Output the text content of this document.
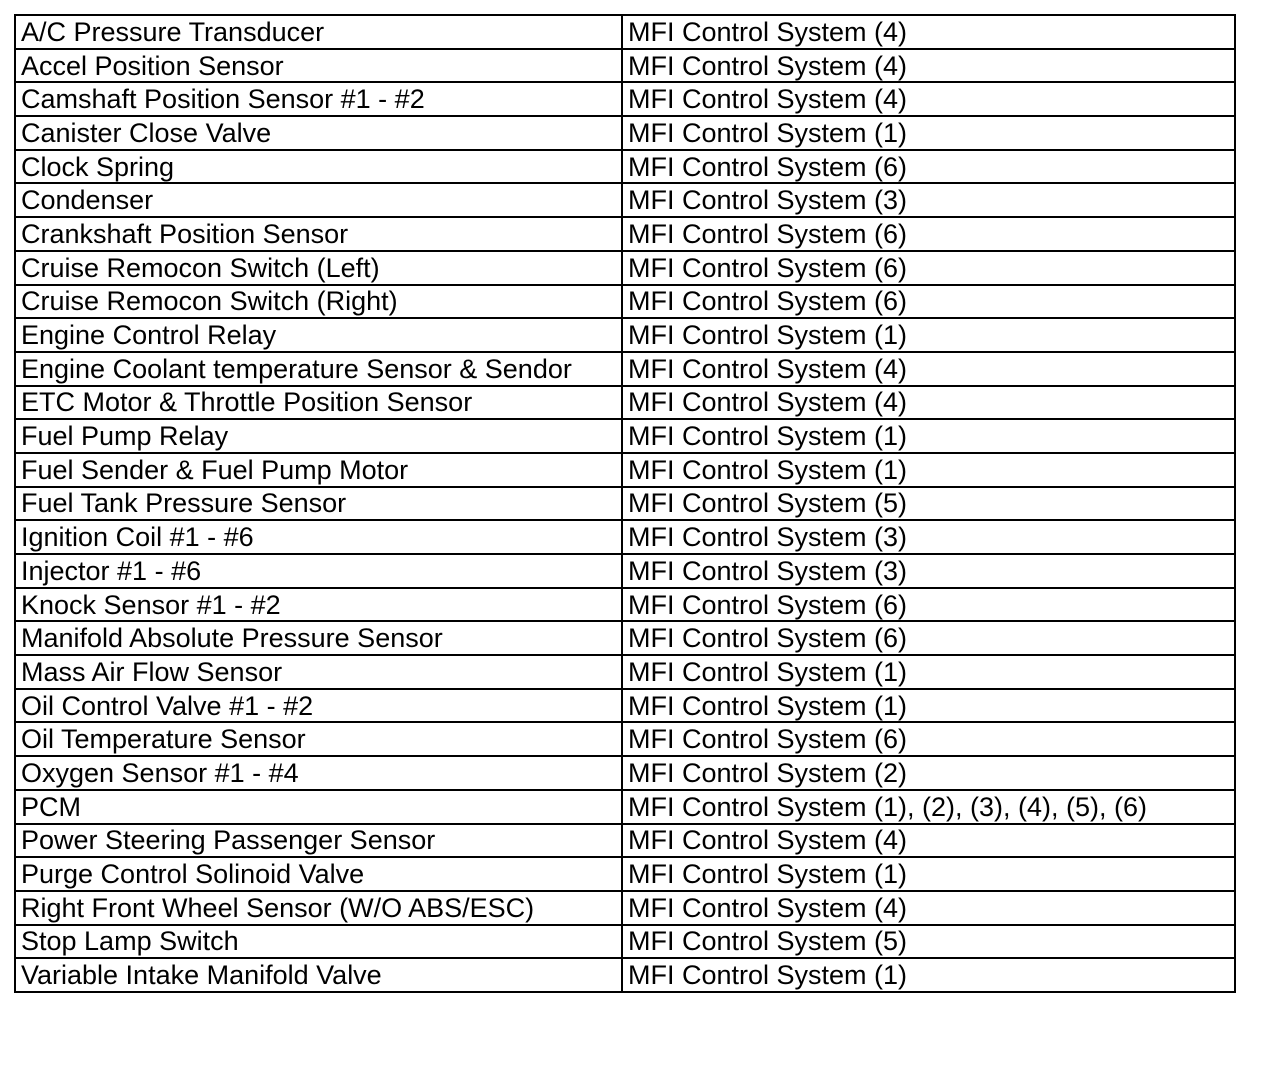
A/C Pressure Transducer	MFI Control System (4)
Accel Position Sensor	MFI Control System (4)
Camshaft Position Sensor #1 - #2	MFI Control System (4)
Canister Close Valve	MFI Control System (1)
Clock Spring	MFI Control System (6)
Condenser	MFI Control System (3)
Crankshaft Position Sensor	MFI Control System (6)
Cruise Remocon Switch (Left)	MFI Control System (6)
Cruise Remocon Switch (Right)	MFI Control System (6)
Engine Control Relay	MFI Control System (1)
Engine Coolant temperature Sensor & Sendor	MFI Control System (4)
ETC Motor & Throttle Position Sensor	MFI Control System (4)
Fuel Pump Relay	MFI Control System (1)
Fuel Sender & Fuel Pump Motor	MFI Control System (1)
Fuel Tank Pressure Sensor	MFI Control System (5)
Ignition Coil #1 - #6	MFI Control System (3)
Injector #1 - #6	MFI Control System (3)
Knock Sensor #1 - #2	MFI Control System (6)
Manifold Absolute Pressure Sensor	MFI Control System (6)
Mass Air Flow Sensor	MFI Control System (1)
Oil Control Valve #1 - #2	MFI Control System (1)
Oil Temperature Sensor	MFI Control System (6)
Oxygen Sensor #1 - #4	MFI Control System (2)
PCM	MFI Control System (1), (2), (3), (4), (5), (6)
Power Steering Passenger Sensor	MFI Control System (4)
Purge Control Solinoid Valve	MFI Control System (1)
Right Front Wheel Sensor (W/O ABS/ESC)	MFI Control System (4)
Stop Lamp Switch	MFI Control System (5)
Variable Intake Manifold Valve	MFI Control System (1)
